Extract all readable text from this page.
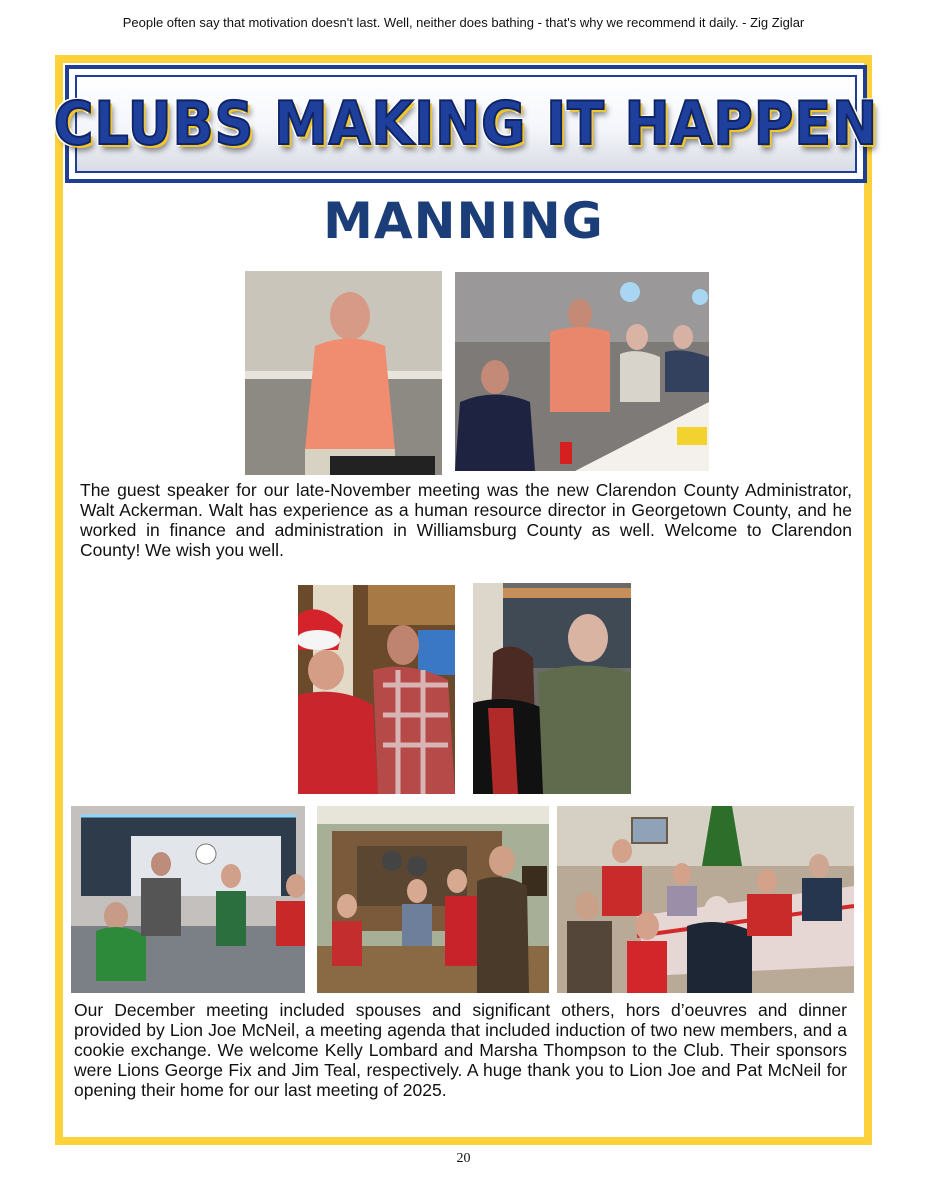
People often say that motivation doesn't last. Well, neither does bathing - that's why we recommend it daily. - Zig Ziglar
CLUBS MAKING IT HAPPEN
MANNING
The guest speaker for our late-November meeting was the new Clarendon County Administrator, Walt Ackerman. Walt has experience as a human resource director in Georgetown County, and he worked in finance and administration in Williamsburg County as well. Welcome to Clarendon County! We wish you well.
Our December meeting included spouses and significant others, hors d’oeuvres and dinner provided by Lion Joe McNeil, a meeting agenda that included induction of two new members, and a cookie exchange. We welcome Kelly Lombard and Marsha Thompson to the Club. Their sponsors were Lions George Fix and Jim Teal, respectively. A huge thank you to Lion Joe and Pat McNeil for opening their home for our last meeting of 2025.
20
